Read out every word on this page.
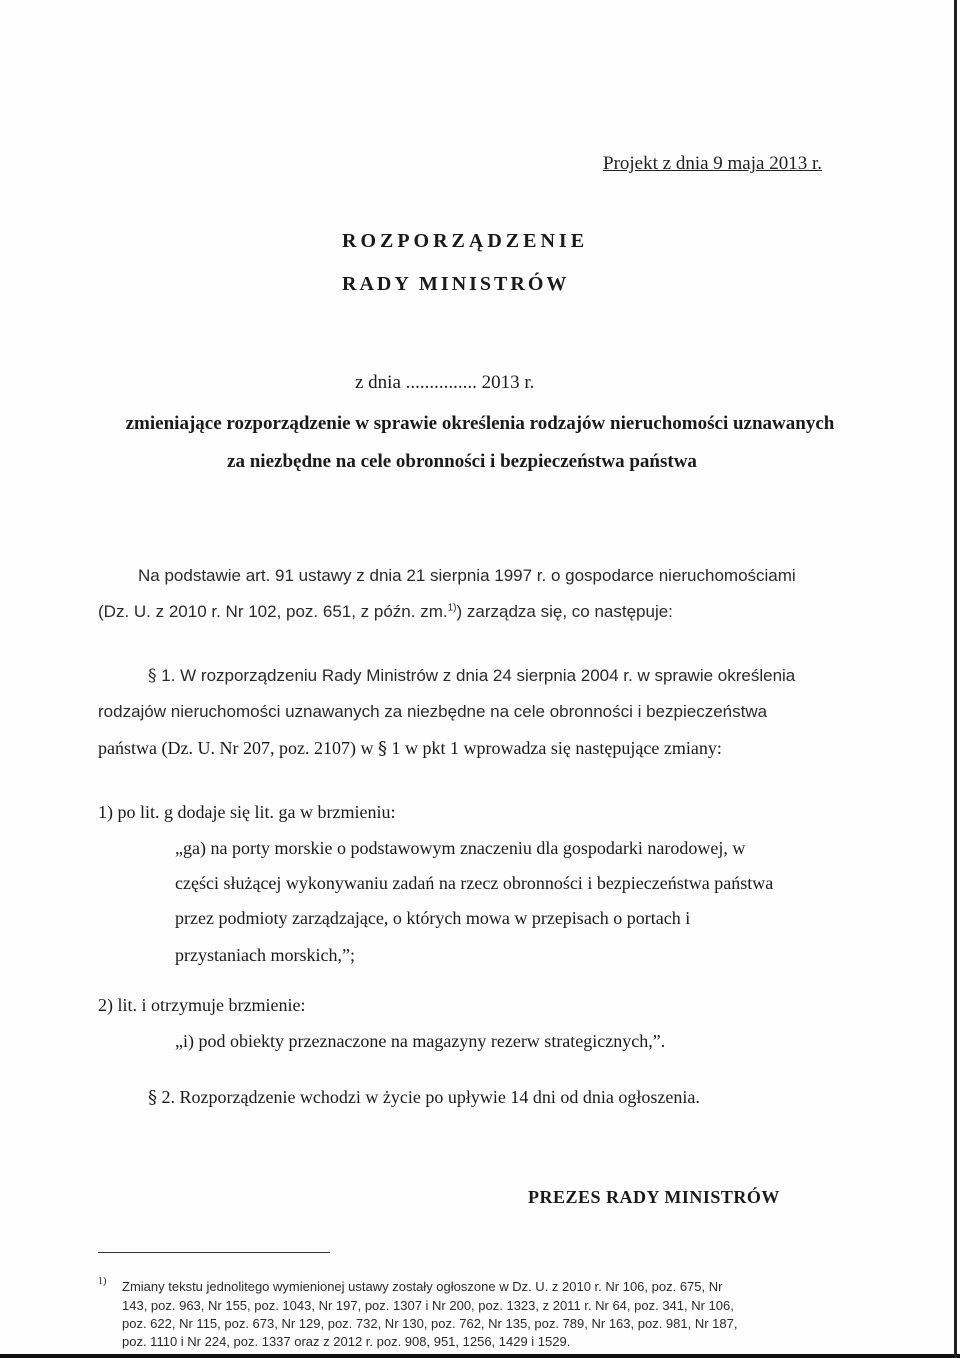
Projekt z dnia 9 maja 2013 r.
ROZPORZĄDZENIE
RADY MINISTRÓW
z dnia ............... 2013 r.
zmieniające rozporządzenie w sprawie określenia rodzajów nieruchomości uznawanych
za niezbędne na cele obronności i bezpieczeństwa państwa
Na podstawie art. 91 ustawy z dnia 21 sierpnia 1997 r. o gospodarce nieruchomościami
(Dz. U. z 2010 r. Nr 102, poz. 651, z późn. zm.$^{1)}$) zarządza się, co następuje:
§ 1. W rozporządzeniu Rady Ministrów z dnia 24 sierpnia 2004 r. w sprawie określenia
rodzajów nieruchomości uznawanych za niezbędne na cele obronności i bezpieczeństwa
państwa (Dz. U. Nr 207, poz. 2107) w § 1 w pkt 1 wprowadza się następujące zmiany:
1) po lit. g dodaje się lit. ga w brzmieniu:
„ga) na porty morskie o podstawowym znaczeniu dla gospodarki narodowej, w
części służącej wykonywaniu zadań na rzecz obronności i bezpieczeństwa państwa
przez podmioty zarządzające, o których mowa w przepisach o portach i
przystaniach morskich,”;
2) lit. i otrzymuje brzmienie:
„i) pod obiekty przeznaczone na magazyny rezerw strategicznych,”.
§ 2. Rozporządzenie wchodzi w życie po upływie 14 dni od dnia ogłoszenia.
PREZES RADY MINISTRÓW
1) Zmiany tekstu jednolitego wymienionej ustawy zostały ogłoszone w Dz. U. z 2010 r. Nr 106, poz. 675, Nr
143, poz. 963, Nr 155, poz. 1043, Nr 197, poz. 1307 i Nr 200, poz. 1323, z 2011 r. Nr 64, poz. 341, Nr 106,
poz. 622, Nr 115, poz. 673, Nr 129, poz. 732, Nr 130, poz. 762, Nr 135, poz. 789, Nr 163, poz. 981, Nr 187,
poz. 1110 i Nr 224, poz. 1337 oraz z 2012 r. poz. 908, 951, 1256, 1429 i 1529.
